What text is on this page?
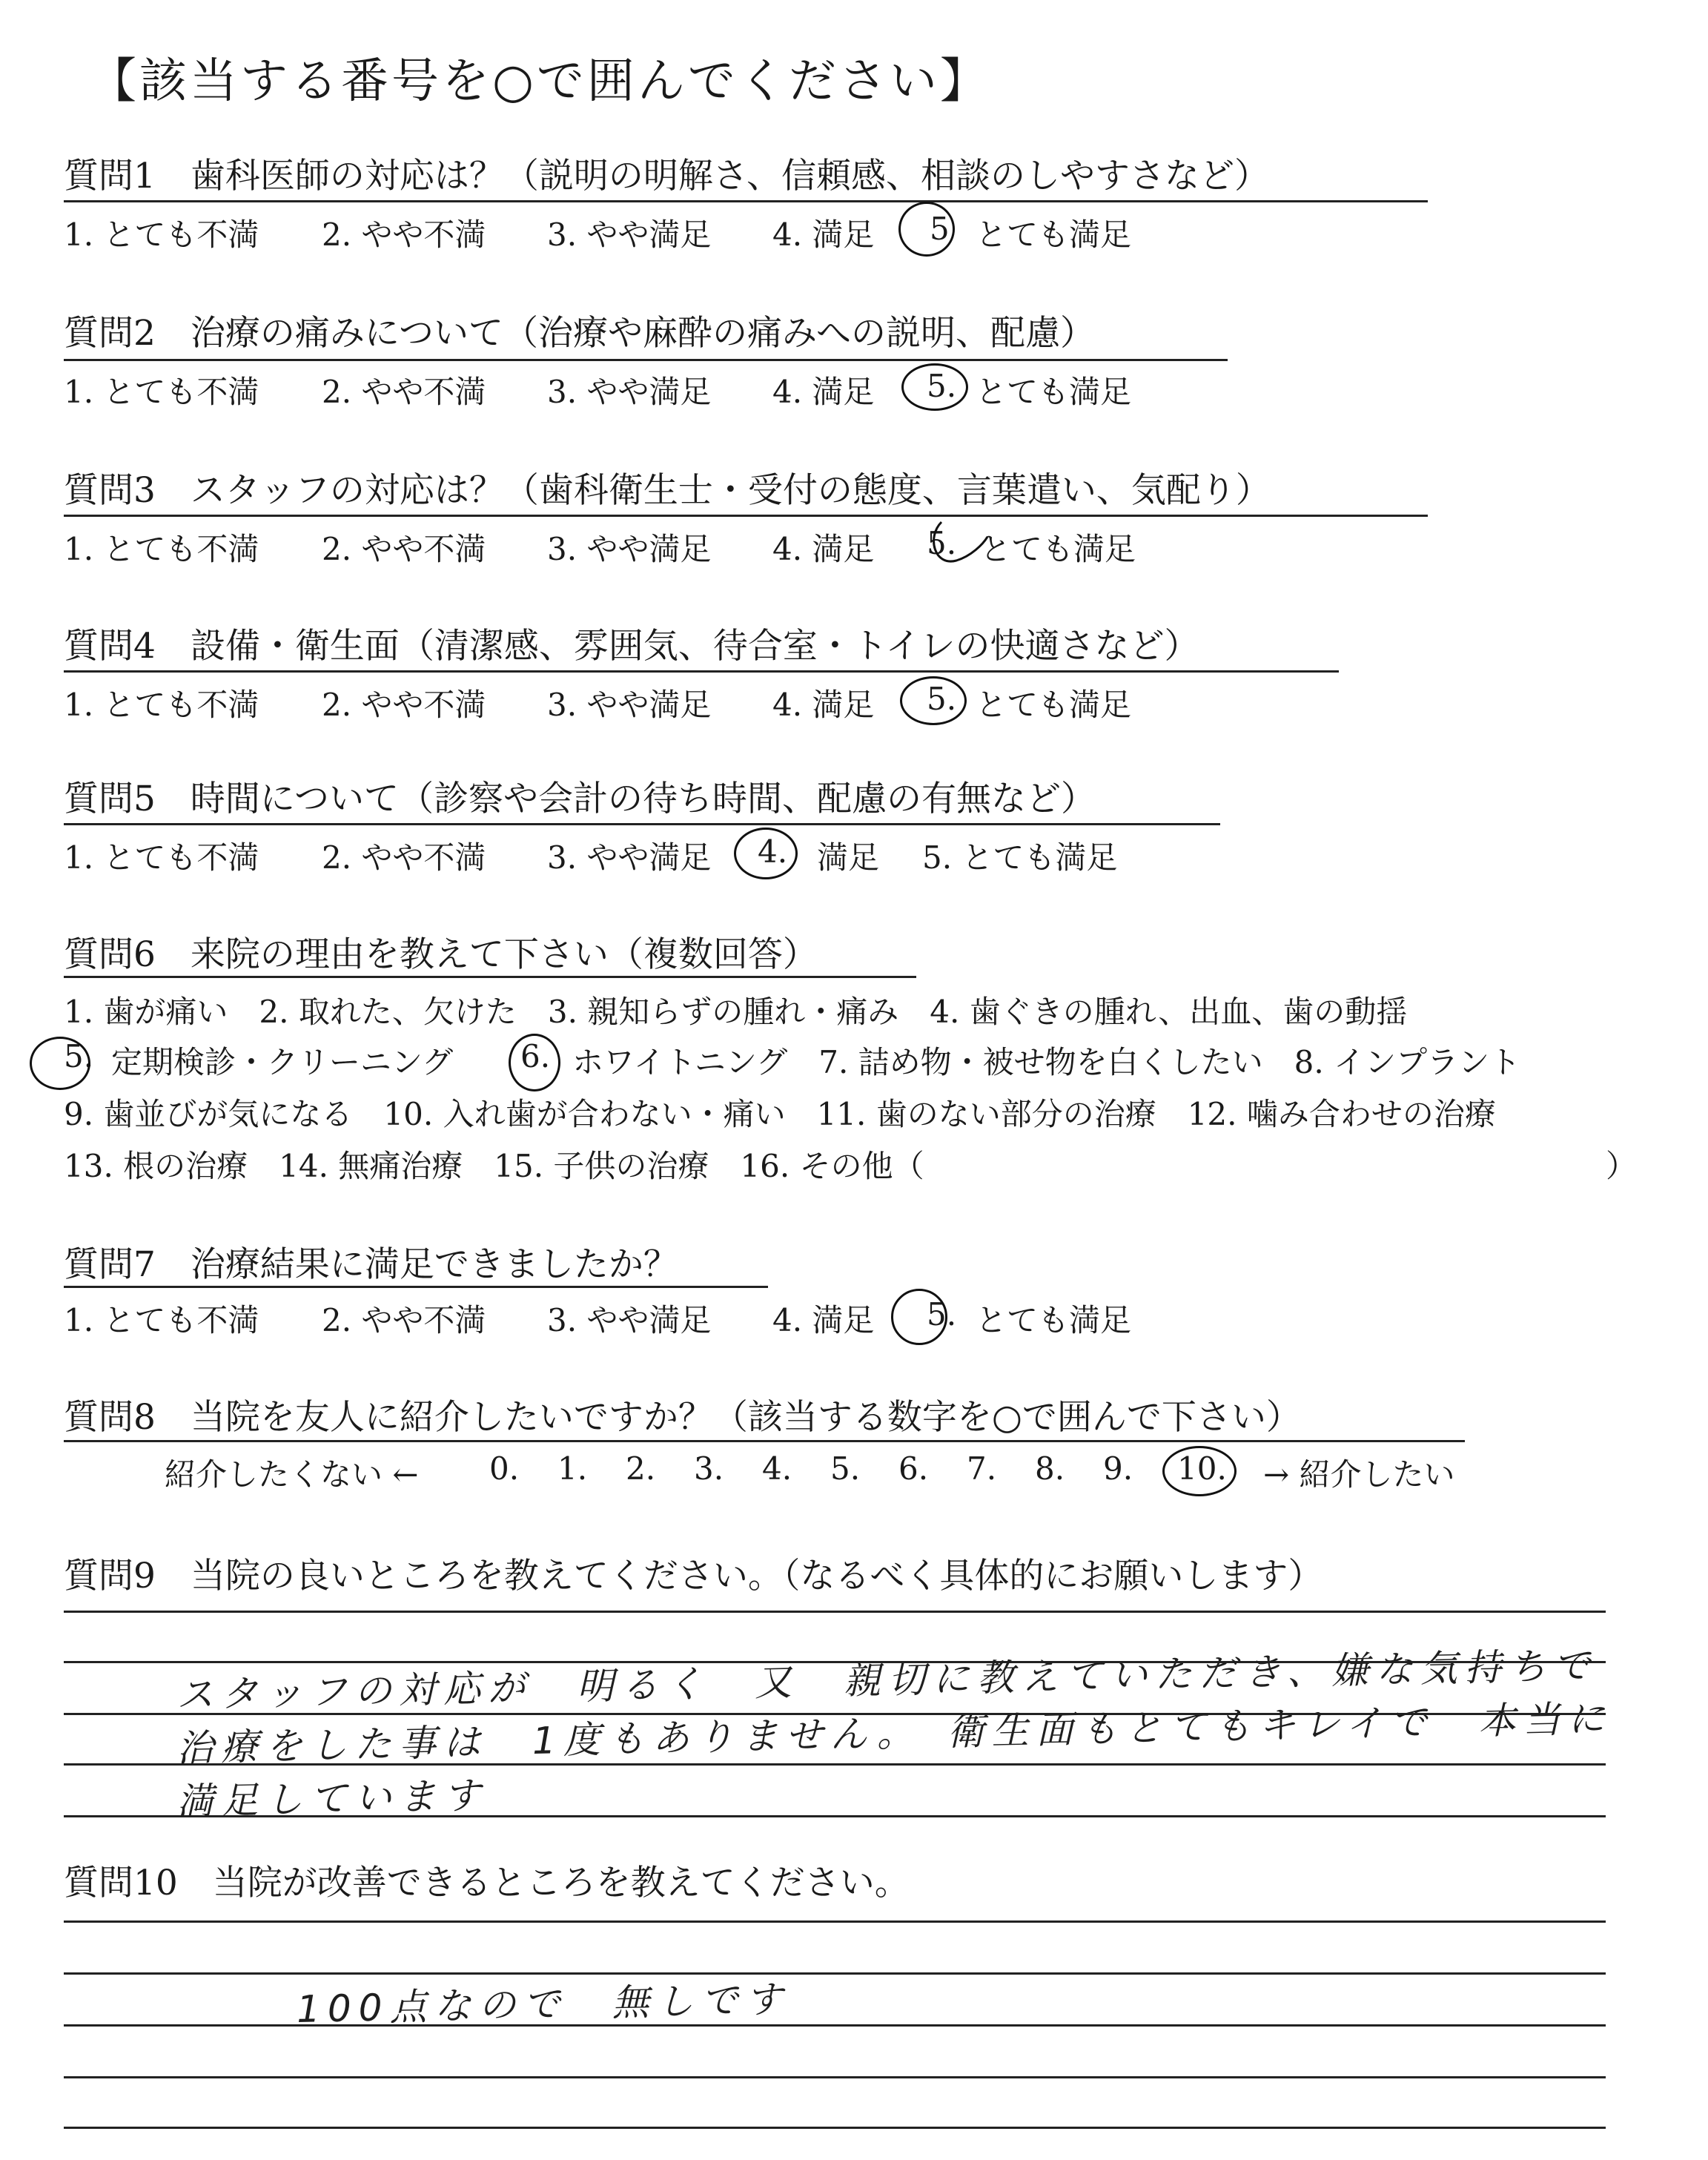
【該当する番号を○で囲んでください】
質問1　歯科医師の対応は？（説明の明解さ、信頼感、相談のしやすさなど）
1. とても不満 2. やや不満 3. やや満足 4. 満足 5 とても満足
質問2　治療の痛みについて（治療や麻酔の痛みへの説明、配慮）
1. とても不満 2. やや不満 3. やや満足 4. 満足 5. とても満足
質問3　スタッフの対応は？（歯科衛生士・受付の態度、言葉遣い、気配り）
1. とても不満 2. やや不満 3. やや満足 4. 満足 5. とても満足
質問4　設備・衛生面（清潔感、雰囲気、待合室・トイレの快適さなど）
1. とても不満 2. やや不満 3. やや満足 4. 満足 5. とても満足
質問5　時間について（診察や会計の待ち時間、配慮の有無など）
1. とても不満 2. やや不満 3. やや満足 4. 満足 5. とても満足
質問6　来院の理由を教えて下さい（複数回答）
1. 歯が痛い　2. 取れた、欠けた　3. 親知らずの腫れ・痛み　4. 歯ぐきの腫れ、出血、歯の動揺
5. 定期検診・クリーニング 6. ホワイトニング　7. 詰め物・被せ物を白くしたい　8. インプラント
9. 歯並びが気になる　10. 入れ歯が合わない・痛い　11. 歯のない部分の治療　12. 噛み合わせの治療
13. 根の治療　14. 無痛治療　15. 子供の治療　16. その他（	）
質問7　治療結果に満足できましたか？
1. とても不満 2. やや不満 3. やや満足 4. 満足 5. とても満足
質問8　当院を友人に紹介したいですか？（該当する数字を○で囲んで下さい）
紹介したくない ← 0. 1. 2. 3. 4. 5. 6. 7. 8. 9. 10. → 紹介したい
質問9　当院の良いところを教えてください。（なるべく具体的にお願いします）
スタッフの対応が　明るく　又　親切に教えていただき、嫌な気持ちで
治療をした事は　1度もありません。　衛生面もとてもキレイで　本当に
満足しています
質問10　当院が改善できるところを教えてください。
100点なので　無しです
